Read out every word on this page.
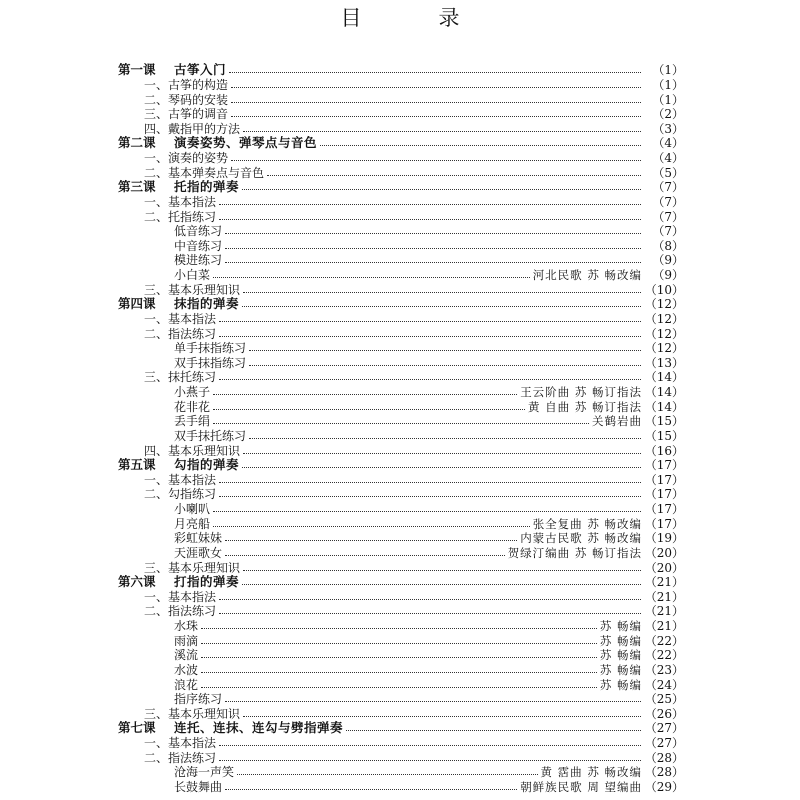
目　录
第一课 古筝入门	（1）
一、古筝的构造	（1）
二、琴码的安装	（1）
三、古筝的调音	（2）
四、戴指甲的方法	（3）
第二课 演奏姿势、弹琴点与音色	（4）
一、演奏的姿势	（4）
二、基本弹奏点与音色	（5）
第三课 托指的弹奏	（7）
一、基本指法	（7）
二、托指练习	（7）
低音练习	（7）
中音练习	（8）
模进练习	（9）
小白菜	河北民歌 苏 畅改编 （9）
三、基本乐理知识	（10）
第四课 抹指的弹奏	（12）
一、基本指法	（12）
二、指法练习	（12）
单手抹指练习	（12）
双手抹指练习	（13）
三、抹托练习	（14）
小燕子	王云阶曲 苏 畅订指法 （14）
花非花	黄 自曲 苏 畅订指法 （14）
丢手绢	关鹤岩曲 （15）
双手抹托练习	（15）
四、基本乐理知识	（16）
第五课 勾指的弹奏	（17）
一、基本指法	（17）
二、勾指练习	（17）
小喇叭	（17）
月亮船	张全复曲 苏 畅改编 （17）
彩虹妹妹	内蒙古民歌 苏 畅改编 （19）
天涯歌女	贺绿汀编曲 苏 畅订指法 （20）
三、基本乐理知识	（20）
第六课 打指的弹奏	（21）
一、基本指法	（21）
二、指法练习	（21）
水珠	苏 畅编 （21）
雨滴	苏 畅编 （22）
溪流	苏 畅编 （22）
水波	苏 畅编 （23）
浪花	苏 畅编 （24）
指序练习	（25）
三、基本乐理知识	（26）
第七课 连托、连抹、连勾与劈指弹奏	（27）
一、基本指法	（27）
二、指法练习	（28）
沧海一声笑	黄 霑曲 苏 畅改编 （28）
长鼓舞曲	朝鲜族民歌 周 望编曲 （29）
